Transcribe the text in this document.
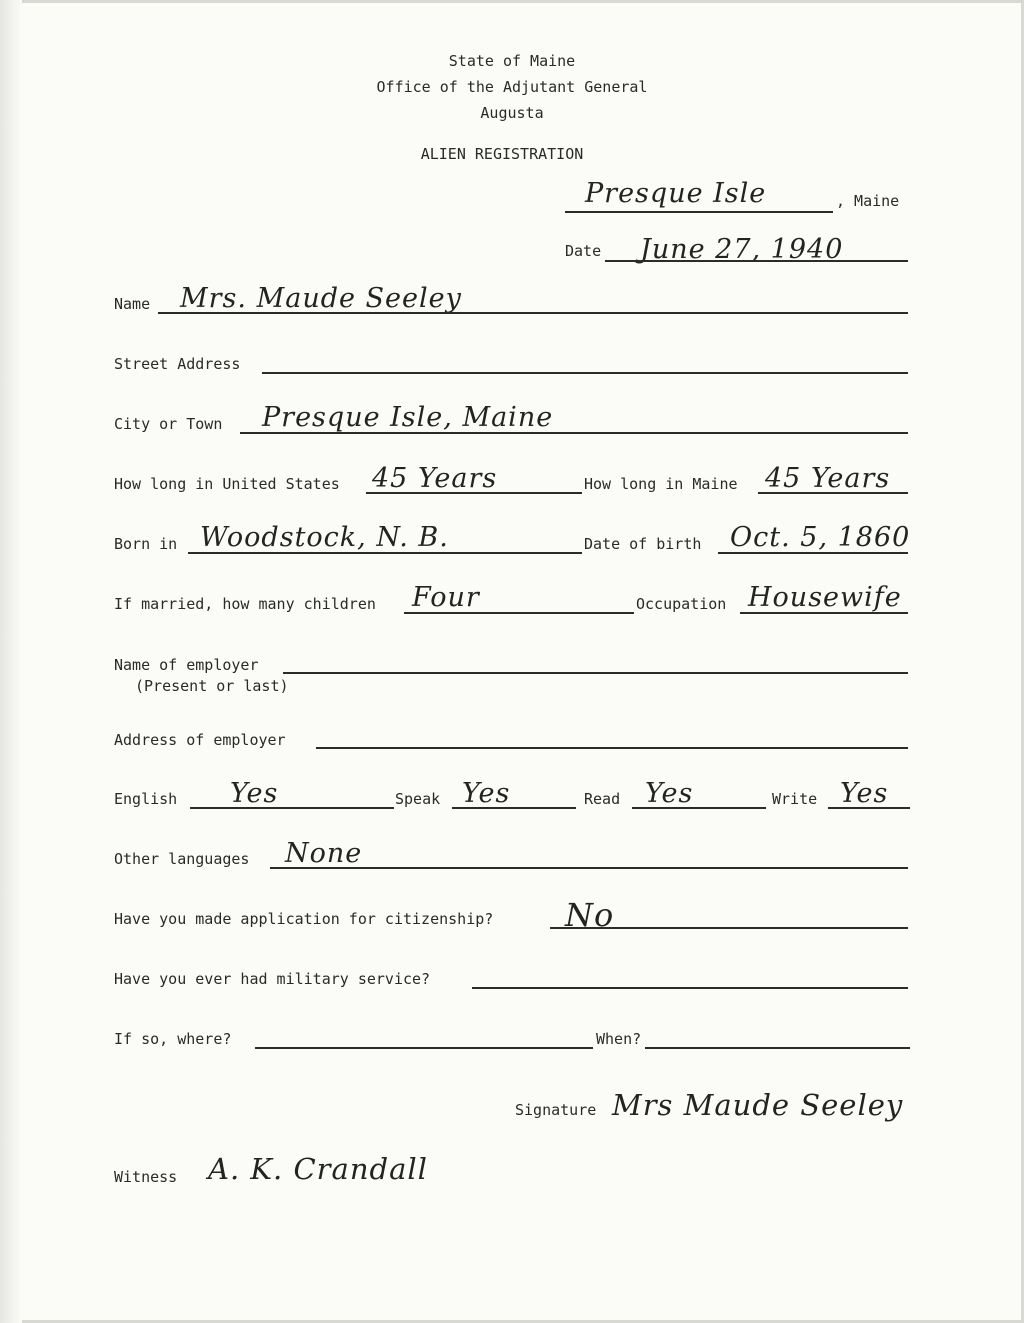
State of Maine
Office of the Adjutant General
Augusta
ALIEN REGISTRATION
Presque Isle	, Maine
Date June 27, 1940
Name Mrs. Maude Seeley
Street Address
City or Town Presque Isle, Maine
How long in United States 45 Years	How long in Maine 45 Years
Born in Woodstock, N. B.	Date of birth Oct. 5, 1860
If married, how many children Four	Occupation Housewife
Name of employer
(Present or last)
Address of employer
English Yes	Speak Yes	Read Yes	Write Yes
Other languages None
Have you made application for citizenship? No
Have you ever had military service?
If so, where?	When?
Signature Mrs Maude Seeley
Witness A. K. Crandall
